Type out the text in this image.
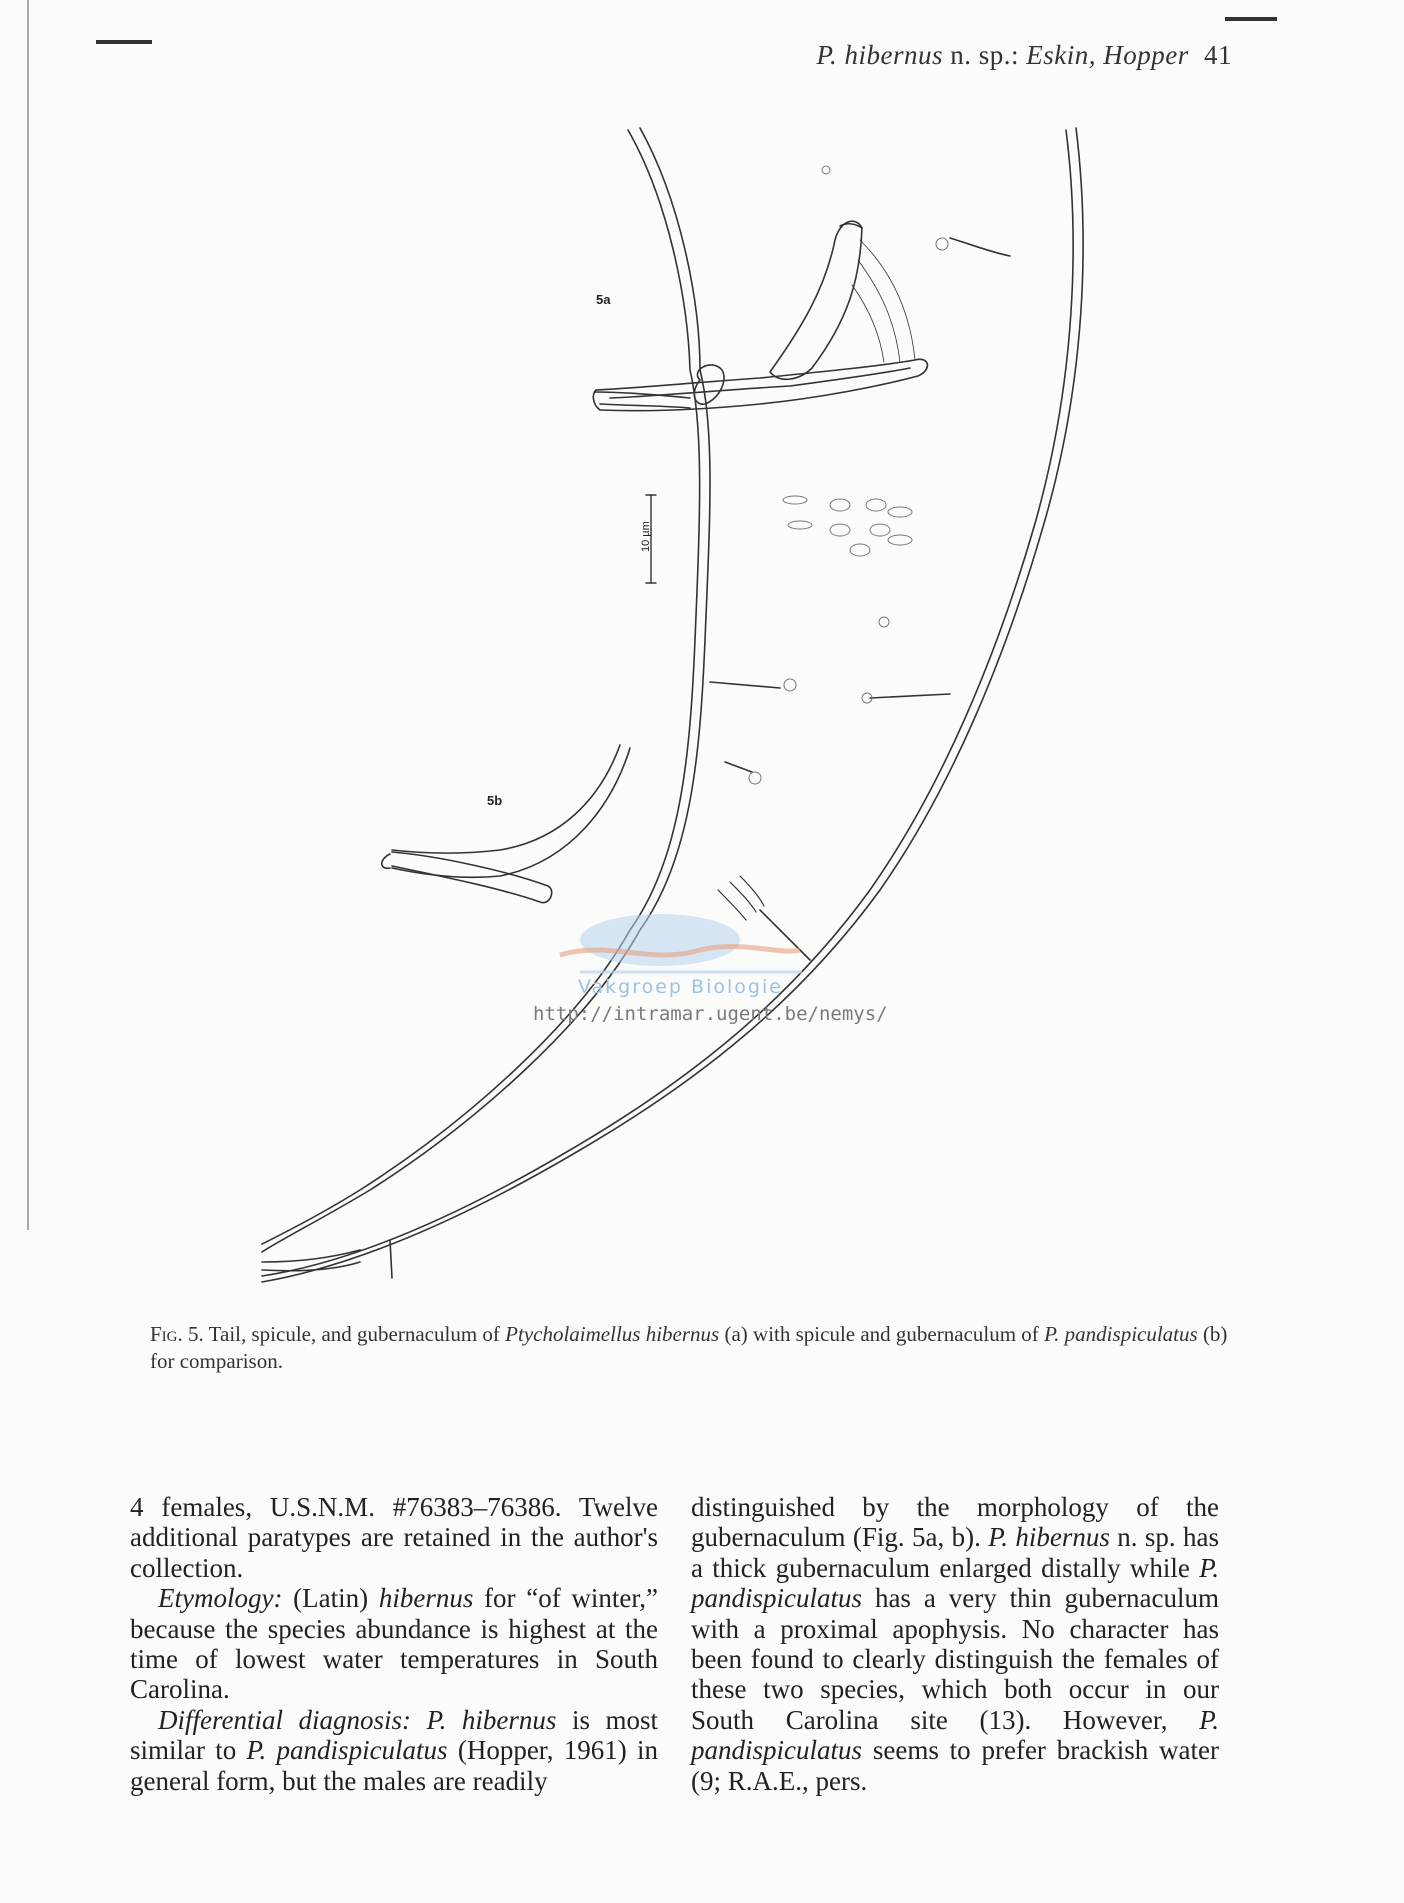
P. hibernus n. sp.: Eskin, Hopper 41
5a
5b
10 µm
Vakgroep Biologie
http://intramar.ugent.be/nemys/
Fig. 5. Tail, spicule, and gubernaculum of Ptycholaimellus hibernus (a) with spicule and gubernaculum of P. pandispiculatus (b) for comparison.

4 females, U.S.N.M. #76383–76386. Twelve additional paratypes are retained in the author's collection.

Etymology: (Latin) hibernus for “of winter,” because the species abundance is highest at the time of lowest water temperatures in South Carolina.

Differential diagnosis: P. hibernus is most similar to P. pandispiculatus (Hopper, 1961) in general form, but the males are readily

distinguished by the morphology of the gubernaculum (Fig. 5a, b). P. hibernus n. sp. has a thick gubernaculum enlarged distally while P. pandispiculatus has a very thin gubernaculum with a proximal apophysis. No character has been found to clearly distinguish the females of these two species, which both occur in our South Carolina site (13). However, P. pandispiculatus seems to prefer brackish water (9; R.A.E., pers.
